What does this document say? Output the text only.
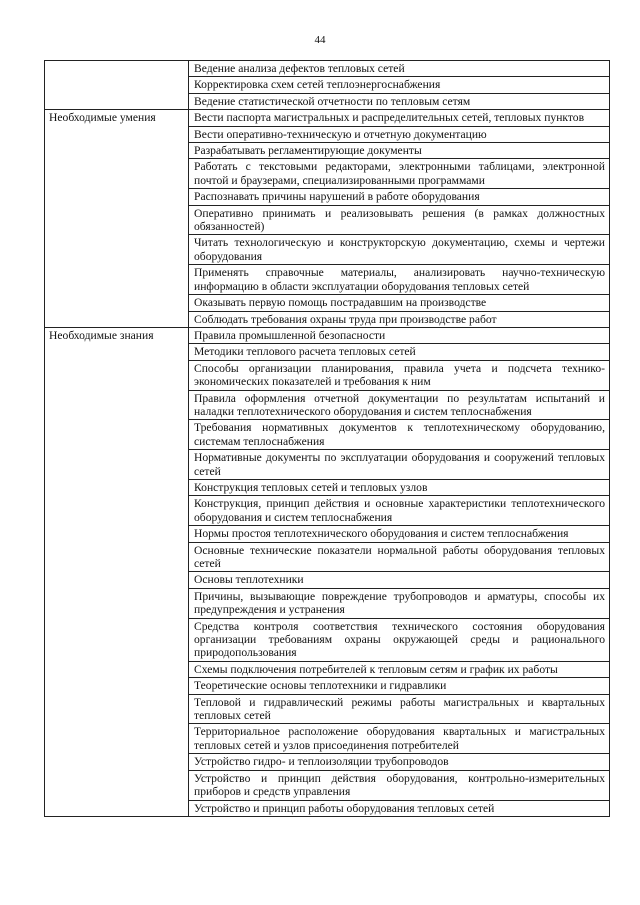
44
	Ведение анализа дефектов тепловых сетей
	Корректировка схем сетей теплоэнергоснабжения
	Ведение статистической отчетности по тепловым сетям
Необходимые умения	Вести паспорта магистральных и распределительных сетей, тепловых пунктов
	Вести оперативно-техническую и отчетную документацию
	Разрабатывать регламентирующие документы
	Работать с текстовыми редакторами, электронными таблицами, электронной почтой и браузерами, специализированными программами
	Распознавать причины нарушений в работе оборудования
	Оперативно принимать и реализовывать решения (в рамках должностных обязанностей)
	Читать технологическую и конструкторскую документацию, схемы и чертежи оборудования
	Применять справочные материалы, анализировать научно-техническую информацию в области эксплуатации оборудования тепловых сетей
	Оказывать первую помощь пострадавшим на производстве
	Соблюдать требования охраны труда при производстве работ
Необходимые знания	Правила промышленной безопасности
	Методики теплового расчета тепловых сетей
	Способы организации планирования, правила учета и подсчета технико-экономических показателей и требования к ним
	Правила оформления отчетной документации по результатам испытаний и наладки теплотехнического оборудования и систем теплоснабжения
	Требования нормативных документов к теплотехническому оборудованию, системам теплоснабжения
	Нормативные документы по эксплуатации оборудования и сооружений тепловых сетей
	Конструкция тепловых сетей и тепловых узлов
	Конструкция, принцип действия и основные характеристики теплотехнического оборудования и систем теплоснабжения
	Нормы простоя теплотехнического оборудования и систем теплоснабжения
	Основные технические показатели нормальной работы оборудования тепловых сетей
	Основы теплотехники
	Причины, вызывающие повреждение трубопроводов и арматуры, способы их предупреждения и устранения
	Средства контроля соответствия технического состояния оборудования организации требованиям охраны окружающей среды и рационального природопользования
	Схемы подключения потребителей к тепловым сетям и график их работы
	Теоретические основы теплотехники и гидравлики
	Тепловой и гидравлический режимы работы магистральных и квартальных тепловых сетей
	Территориальное расположение оборудования квартальных и магистральных тепловых сетей и узлов присоединения потребителей
	Устройство гидро- и теплоизоляции трубопроводов
	Устройство и принцип действия оборудования, контрольно-измерительных приборов и средств управления
	Устройство и принцип работы оборудования тепловых сетей
